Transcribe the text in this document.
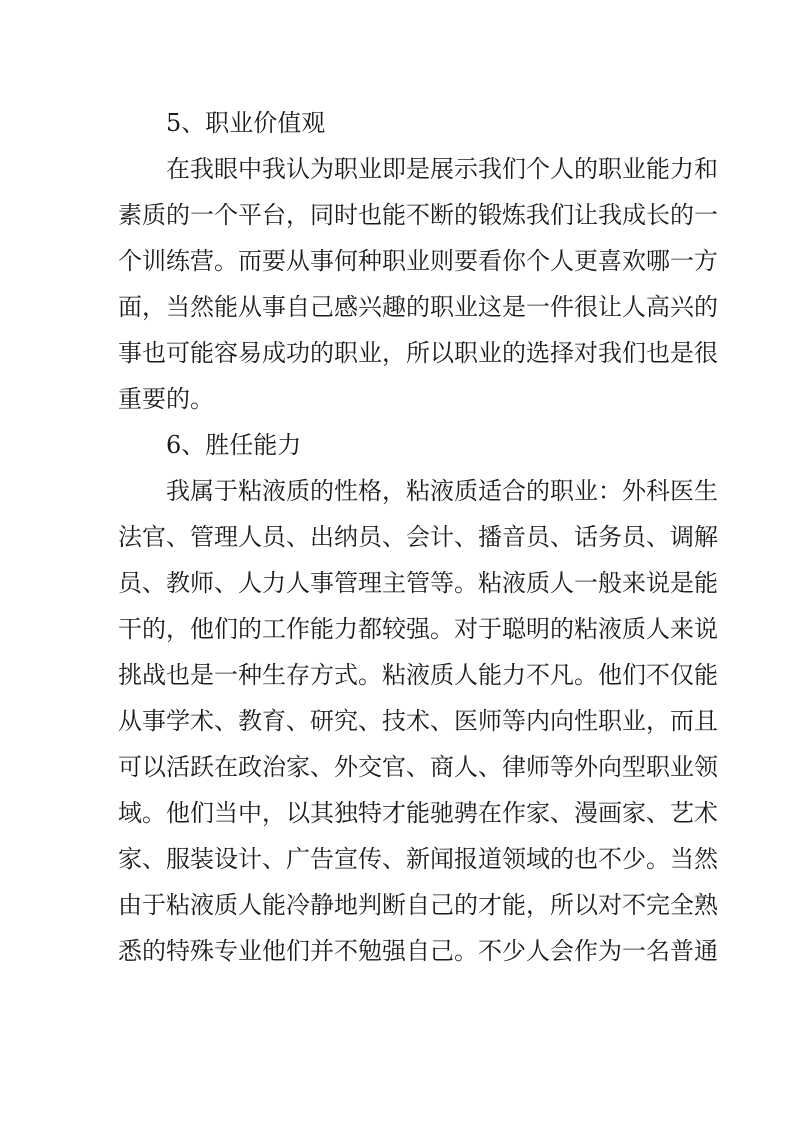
5、职业价值观
在我眼中我认为职业即是展示我们个人的职业能力和
素质的一个平台，同时也能不断的锻炼我们让我成长的一
个训练营。而要从事何种职业则要看你个人更喜欢哪一方
面，当然能从事自己感兴趣的职业这是一件很让人高兴的
事也可能容易成功的职业，所以职业的选择对我们也是很
重要的。
6、胜任能力
我属于粘液质的性格，粘液质适合的职业：外科医生
法官、管理人员、出纳员、会计、播音员、话务员、调解
员、教师、人力人事管理主管等。粘液质人一般来说是能
干的，他们的工作能力都较强。对于聪明的粘液质人来说
挑战也是一种生存方式。粘液质人能力不凡。他们不仅能
从事学术、教育、研究、技术、医师等内向性职业，而且
可以活跃在政治家、外交官、商人、律师等外向型职业领
域。他们当中，以其独特才能驰骋在作家、漫画家、艺术
家、服装设计、广告宣传、新闻报道领域的也不少。当然
由于粘液质人能冷静地判断自己的才能，所以对不完全熟
悉的特殊专业他们并不勉强自己。不少人会作为一名普通
